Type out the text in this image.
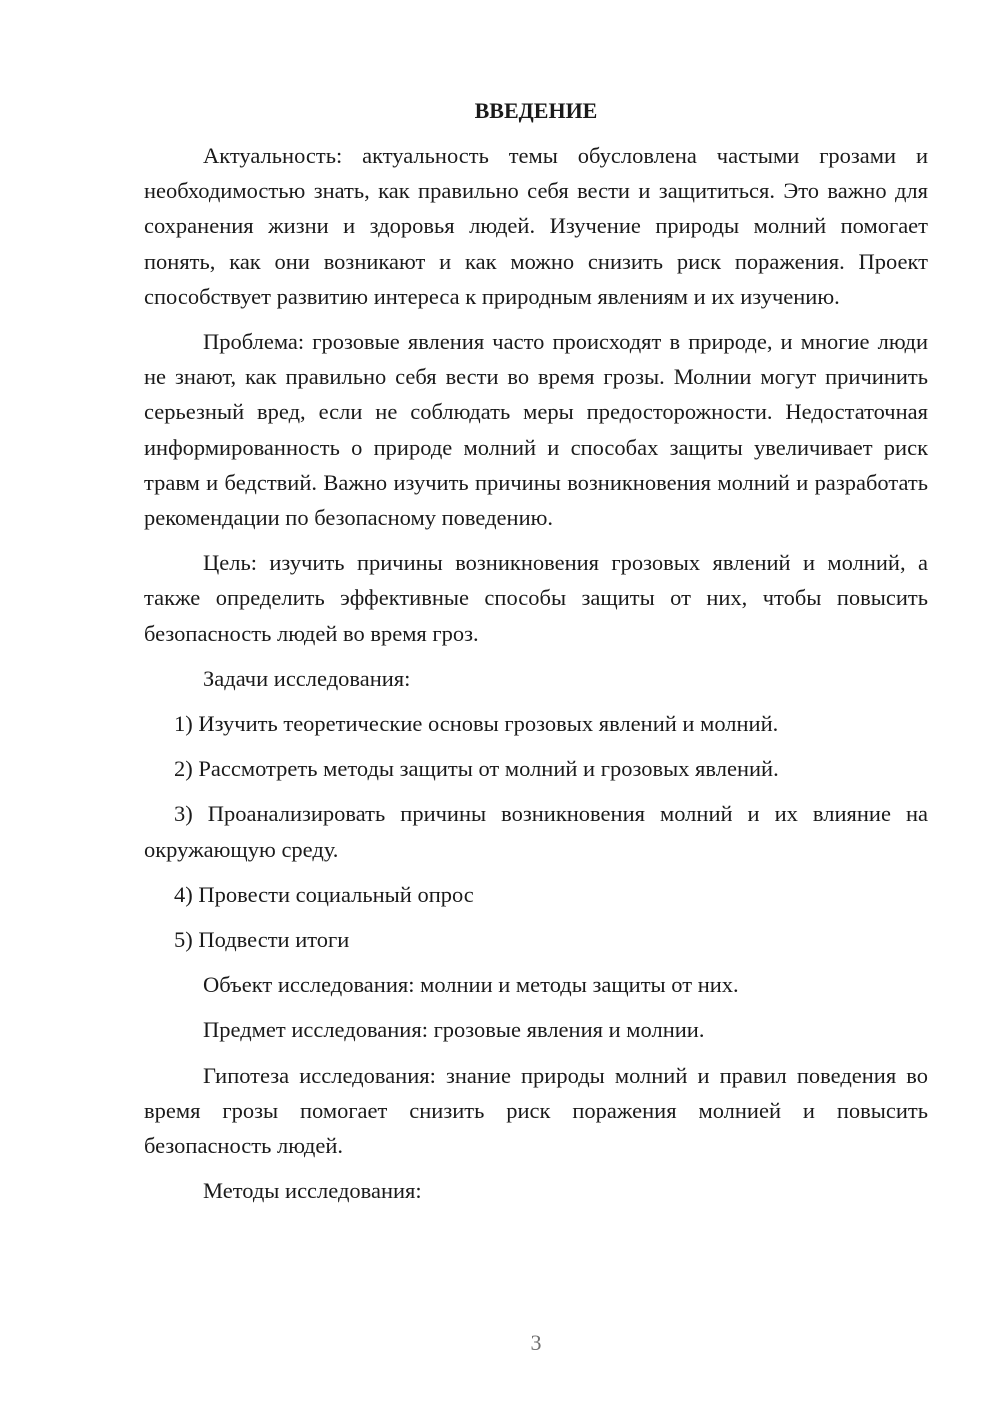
ВВЕДЕНИЕ

Актуальность: актуальность темы обусловлена частыми грозами и необходимостью знать, как правильно себя вести и защититься. Это важно для сохранения жизни и здоровья людей. Изучение природы молний помогает понять, как они возникают и как можно снизить риск поражения. Проект способствует развитию интереса к природным явлениям и их изучению.

Проблема: грозовые явления часто происходят в природе, и многие люди не знают, как правильно себя вести во время грозы. Молнии могут причинить серьезный вред, если не соблюдать меры предосторожности. Недостаточная информированность о природе молний и способах защиты увеличивает риск травм и бедствий. Важно изучить причины возникновения молний и разработать рекомендации по безопасному поведению.

Цель: изучить причины возникновения грозовых явлений и молний, а также определить эффективные способы защиты от них, чтобы повысить безопасность людей во время гроз.

Задачи исследования:

1) Изучить теоретические основы грозовых явлений и молний.

2) Рассмотреть методы защиты от молний и грозовых явлений.

3) Проанализировать причины возникновения молний и их влияние на окружающую среду.

4) Провести социальный опрос

5) Подвести итоги

Объект исследования: молнии и методы защиты от них.

Предмет исследования: грозовые явления и молнии.

Гипотеза исследования: знание природы молний и правил поведения во время грозы помогает снизить риск поражения молнией и повысить безопасность людей.

Методы исследования:

3
